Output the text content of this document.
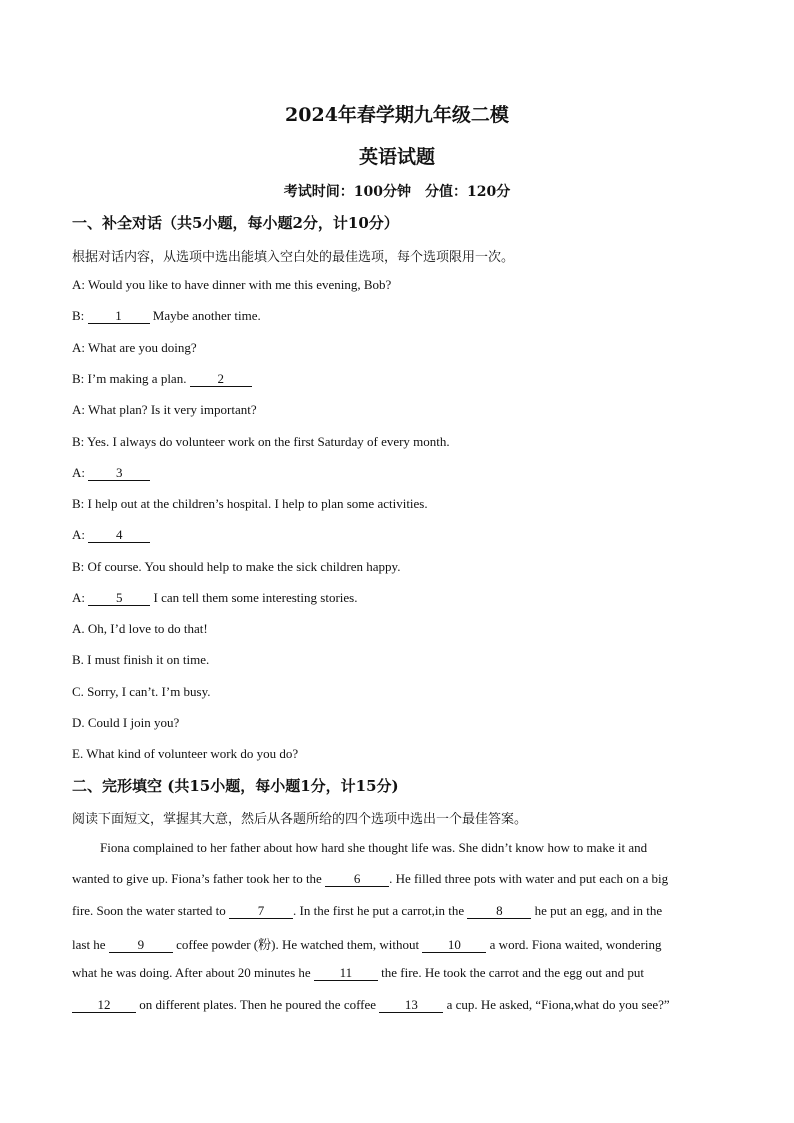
2024年春学期九年级二模
英语试题
考试时间：100分钟　分值：120分
一、补全对话（共5小题，每小题2分，计10分）
根据对话内容，从选项中选出能填入空白处的最佳选项，每个选项限用一次。
A: Would you like to have dinner with me this evening, Bob?
B: 1 Maybe another time.
A: What are you doing?
B: I’m making a plan. 2
A: What plan? Is it very important?
B: Yes. I always do volunteer work on the first Saturday of every month.
A: 3
B: I help out at the children’s hospital. I help to plan some activities.
A: 4
B: Of course. You should help to make the sick children happy.
A: 5 I can tell them some interesting stories.
A. Oh, I’d love to do that!
B. I must finish it on time.
C. Sorry, I can’t. I’m busy.
D. Could I join you?
E. What kind of volunteer work do you do?
二、完形填空 (共15小题，每小题1分，计15分)
阅读下面短文，掌握其大意，然后从各题所给的四个选项中选出一个最佳答案。
Fiona complained to her father about how hard she thought life was. She didn’t know how to make it and
wanted to give up. Fiona’s father took her to the 6 . He filled three pots with water and put each on a big
fire. Soon the water started to 7 . In the first he put a carrot,in the 8 he put an egg, and in the
last he 9 coffee powder (粉). He watched them, without 10 a word. Fiona waited, wondering
what he was doing. After about 20 minutes he 11 the fire. He took the carrot and the egg out and put
12 on different plates. Then he poured the coffee 13 a cup. He asked, “Fiona,what do you see?”
